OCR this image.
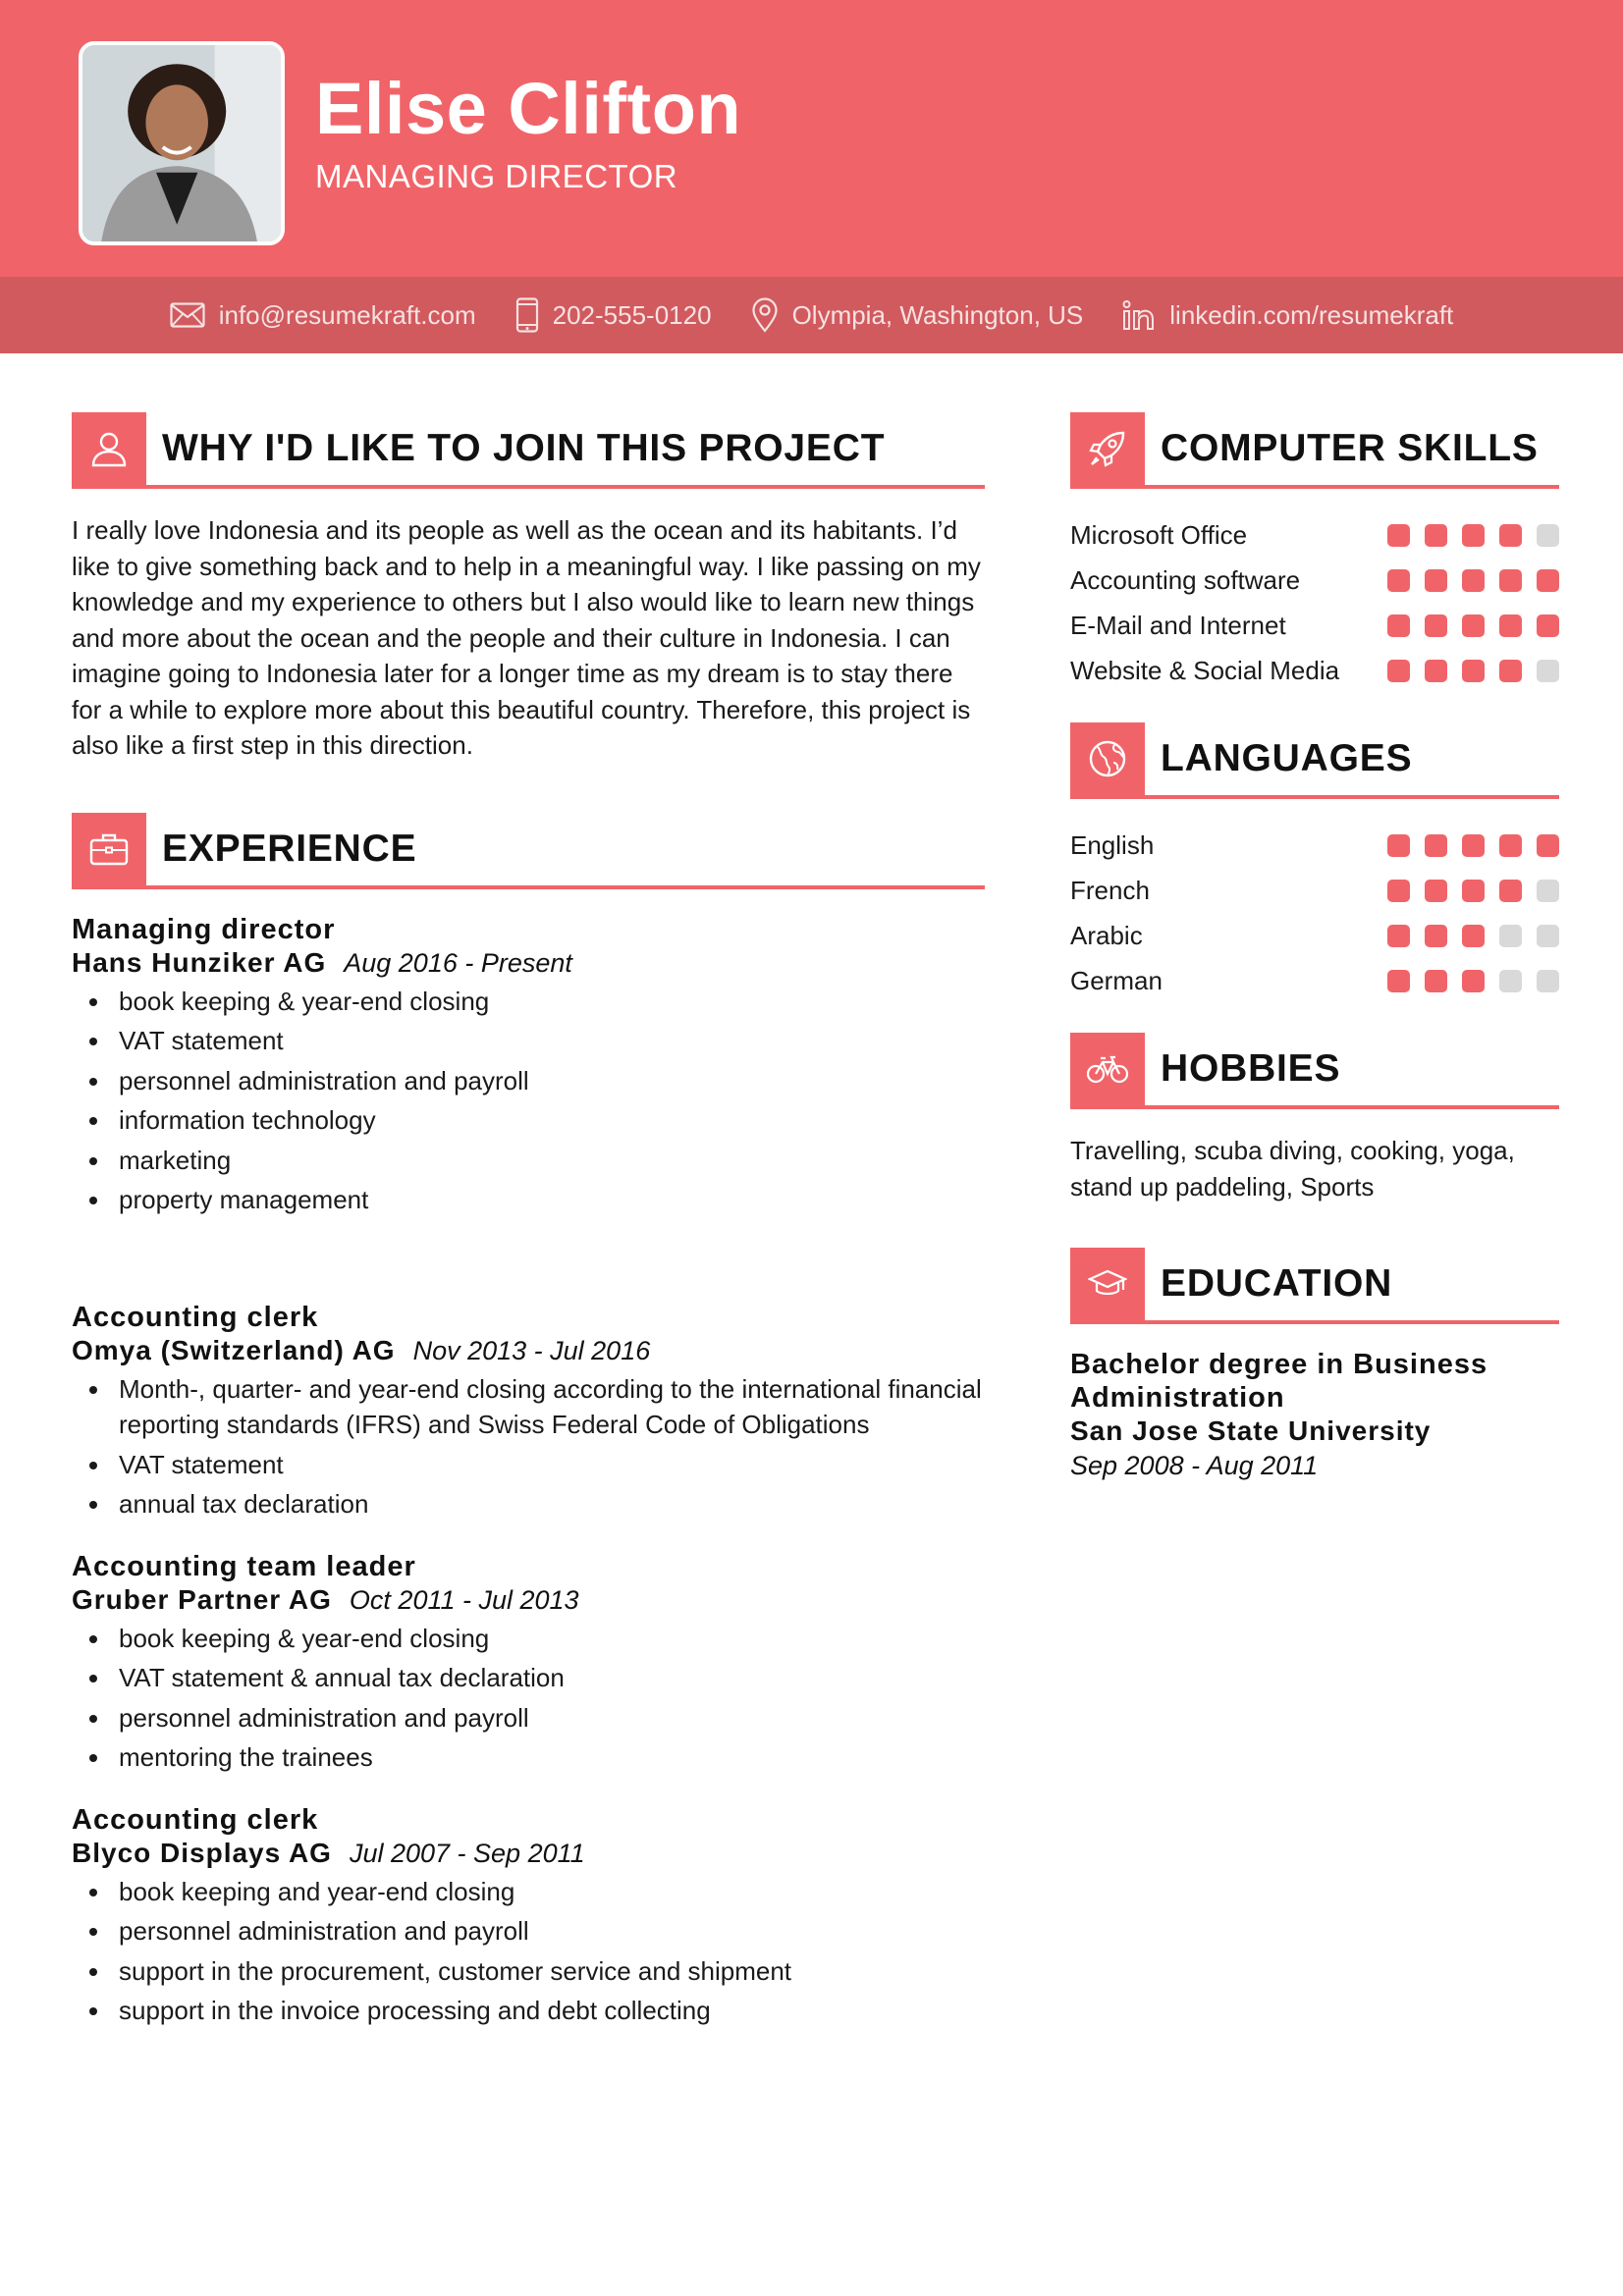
Elise Clifton
MANAGING DIRECTOR
info@resumekraft.com	202-555-0120	Olympia, Washington, US	linkedin.com/resumekraft
WHY I'D LIKE TO JOIN THIS PROJECT

I really love Indonesia and its people as well as the ocean and its habitants. I’d like to give something back and to help in a meaningful way. I like passing on my knowledge and my experience to others but I also would like to learn new things and more about the ocean and the people and their culture in Indonesia. I can imagine going to Indonesia later for a longer time as my dream is to stay there for a while to explore more about this beautiful country. Therefore, this project is also like a first step in this direction.

EXPERIENCE
Managing director
Hans Hunziker AG Aug 2016 - Present
book keeping & year-end closing
VAT statement
personnel administration and payroll
information technology
marketing
property management
Accounting clerk
Omya (Switzerland) AG Nov 2013 - Jul 2016
Month-, quarter- and year-end closing according to the international financial reporting standards (IFRS) and Swiss Federal Code of Obligations
VAT statement
annual tax declaration
Accounting team leader
Gruber Partner AG Oct 2011 - Jul 2013
book keeping & year-end closing
VAT statement & annual tax declaration
personnel administration and payroll
mentoring the trainees
Accounting clerk
Blyco Displays AG Jul 2007 - Sep 2011
book keeping and year-end closing
personnel administration and payroll
support in the procurement, customer service and shipment
support in the invoice processing and debt collecting
COMPUTER SKILLS
Microsoft Office
Accounting software
E-Mail and Internet
Website & Social Media
LANGUAGES
English
French
Arabic
German
HOBBIES

Travelling, scuba diving, cooking, yoga, stand up paddeling, Sports

EDUCATION
Bachelor degree in Business Administration
San Jose State University
Sep 2008 - Aug 2011
